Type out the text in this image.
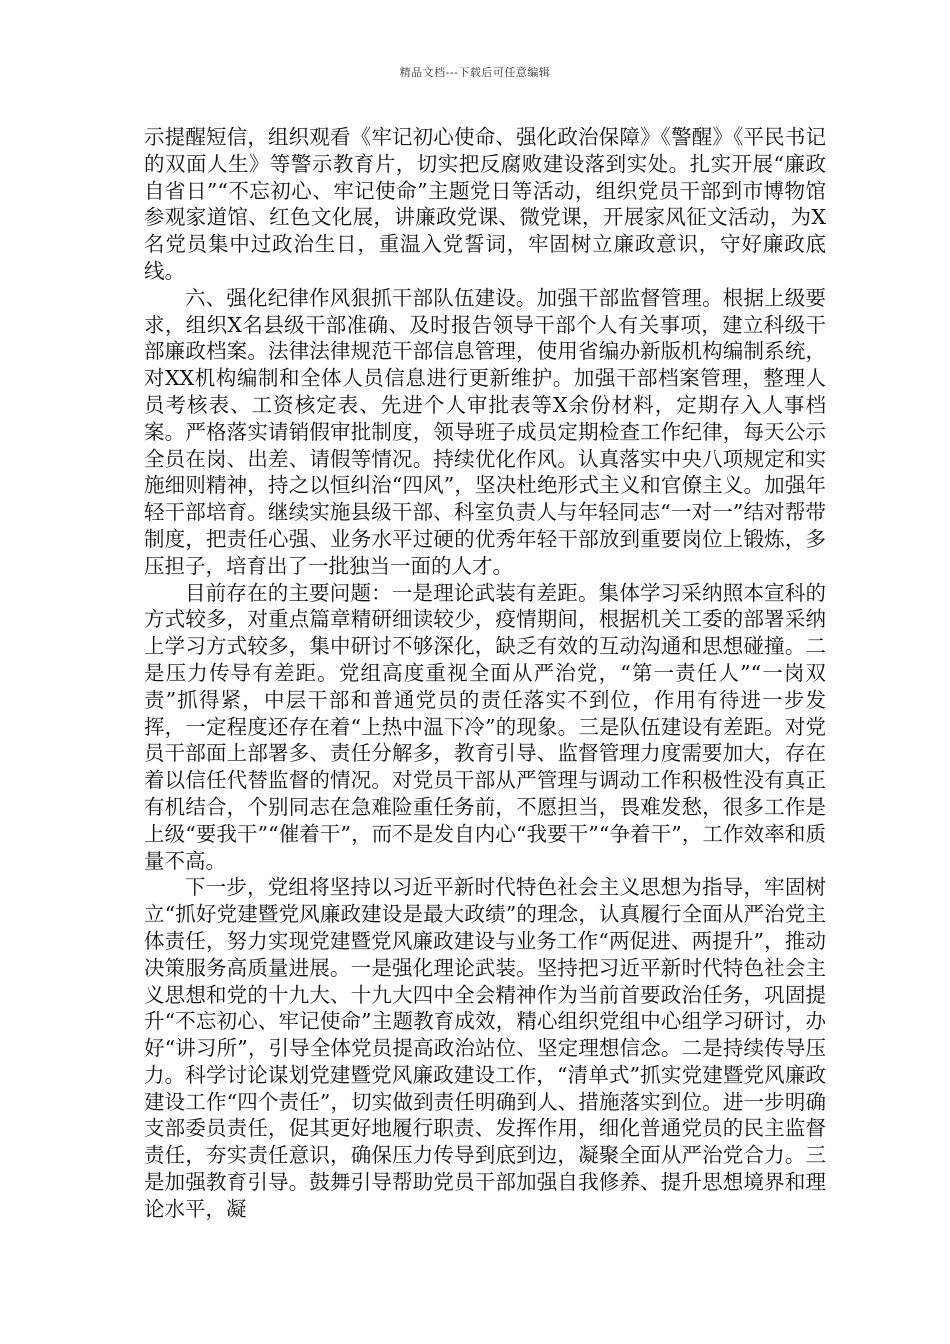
精品文档---下载后可任意编辑

示提醒短信，组织观看《牢记初心使命、强化政治保障》《警醒》《平民书记的双面人生》等警示教育片，切实把反腐败建设落到实处。扎实开展“廉政自省日”“不忘初心、牢记使命”主题党日等活动，组织党员干部到市博物馆参观家道馆、红色文化展，讲廉政党课、微党课，开展家风征文活动，为X名党员集中过政治生日，重温入党誓词，牢固树立廉政意识，守好廉政底线。

六、强化纪律作风狠抓干部队伍建设。加强干部监督管理。根据上级要求，组织X名县级干部准确、及时报告领导干部个人有关事项，建立科级干部廉政档案。法律法律规范干部信息管理，使用省编办新版机构编制系统，对XX机构编制和全体人员信息进行更新维护。加强干部档案管理，整理人员考核表、工资核定表、先进个人审批表等X余份材料，定期存入人事档案。严格落实请销假审批制度，领导班子成员定期检查工作纪律，每天公示全员在岗、出差、请假等情况。持续优化作风。认真落实中央八项规定和实施细则精神，持之以恒纠治“四风”，坚决杜绝形式主义和官僚主义。加强年轻干部培育。继续实施县级干部、科室负责人与年轻同志“一对一”结对帮带制度，把责任心强、业务水平过硬的优秀年轻干部放到重要岗位上锻炼，多压担子，培育出了一批独当一面的人才。

目前存在的主要问题：一是理论武装有差距。集体学习采纳照本宣科的方式较多，对重点篇章精研细读较少，疫情期间，根据机关工委的部署采纳上学习方式较多，集中研讨不够深化，缺乏有效的互动沟通和思想碰撞。二是压力传导有差距。党组高度重视全面从严治党，“第一责任人”“一岗双责”抓得紧，中层干部和普通党员的责任落实不到位，作用有待进一步发挥，一定程度还存在着“上热中温下冷”的现象。三是队伍建设有差距。对党员干部面上部署多、责任分解多，教育引导、监督管理力度需要加大，存在着以信任代替监督的情况。对党员干部从严管理与调动工作积极性没有真正有机结合，个别同志在急难险重任务前，不愿担当，畏难发愁，很多工作是上级“要我干”“催着干”，而不是发自内心“我要干”“争着干”，工作效率和质量不高。

下一步，党组将坚持以习近平新时代特色社会主义思想为指导，牢固树立“抓好党建暨党风廉政建设是最大政绩”的理念，认真履行全面从严治党主体责任，努力实现党建暨党风廉政建设与业务工作“两促进、两提升”，推动决策服务高质量进展。一是强化理论武装。坚持把习近平新时代特色社会主义思想和党的十九大、十九大四中全会精神作为当前首要政治任务，巩固提升“不忘初心、牢记使命”主题教育成效，精心组织党组中心组学习研讨，办好“讲习所”，引导全体党员提高政治站位、坚定理想信念。二是持续传导压力。科学讨论谋划党建暨党风廉政建设工作，“清单式”抓实党建暨党风廉政建设工作“四个责任”，切实做到责任明确到人、措施落实到位。进一步明确支部委员责任，促其更好地履行职责、发挥作用，细化普通党员的民主监督责任，夯实责任意识，确保压力传导到底到边，凝聚全面从严治党合力。三是加强教育引导。鼓舞引导帮助党员干部加强自我修养、提升思想境界和理论水平，凝
